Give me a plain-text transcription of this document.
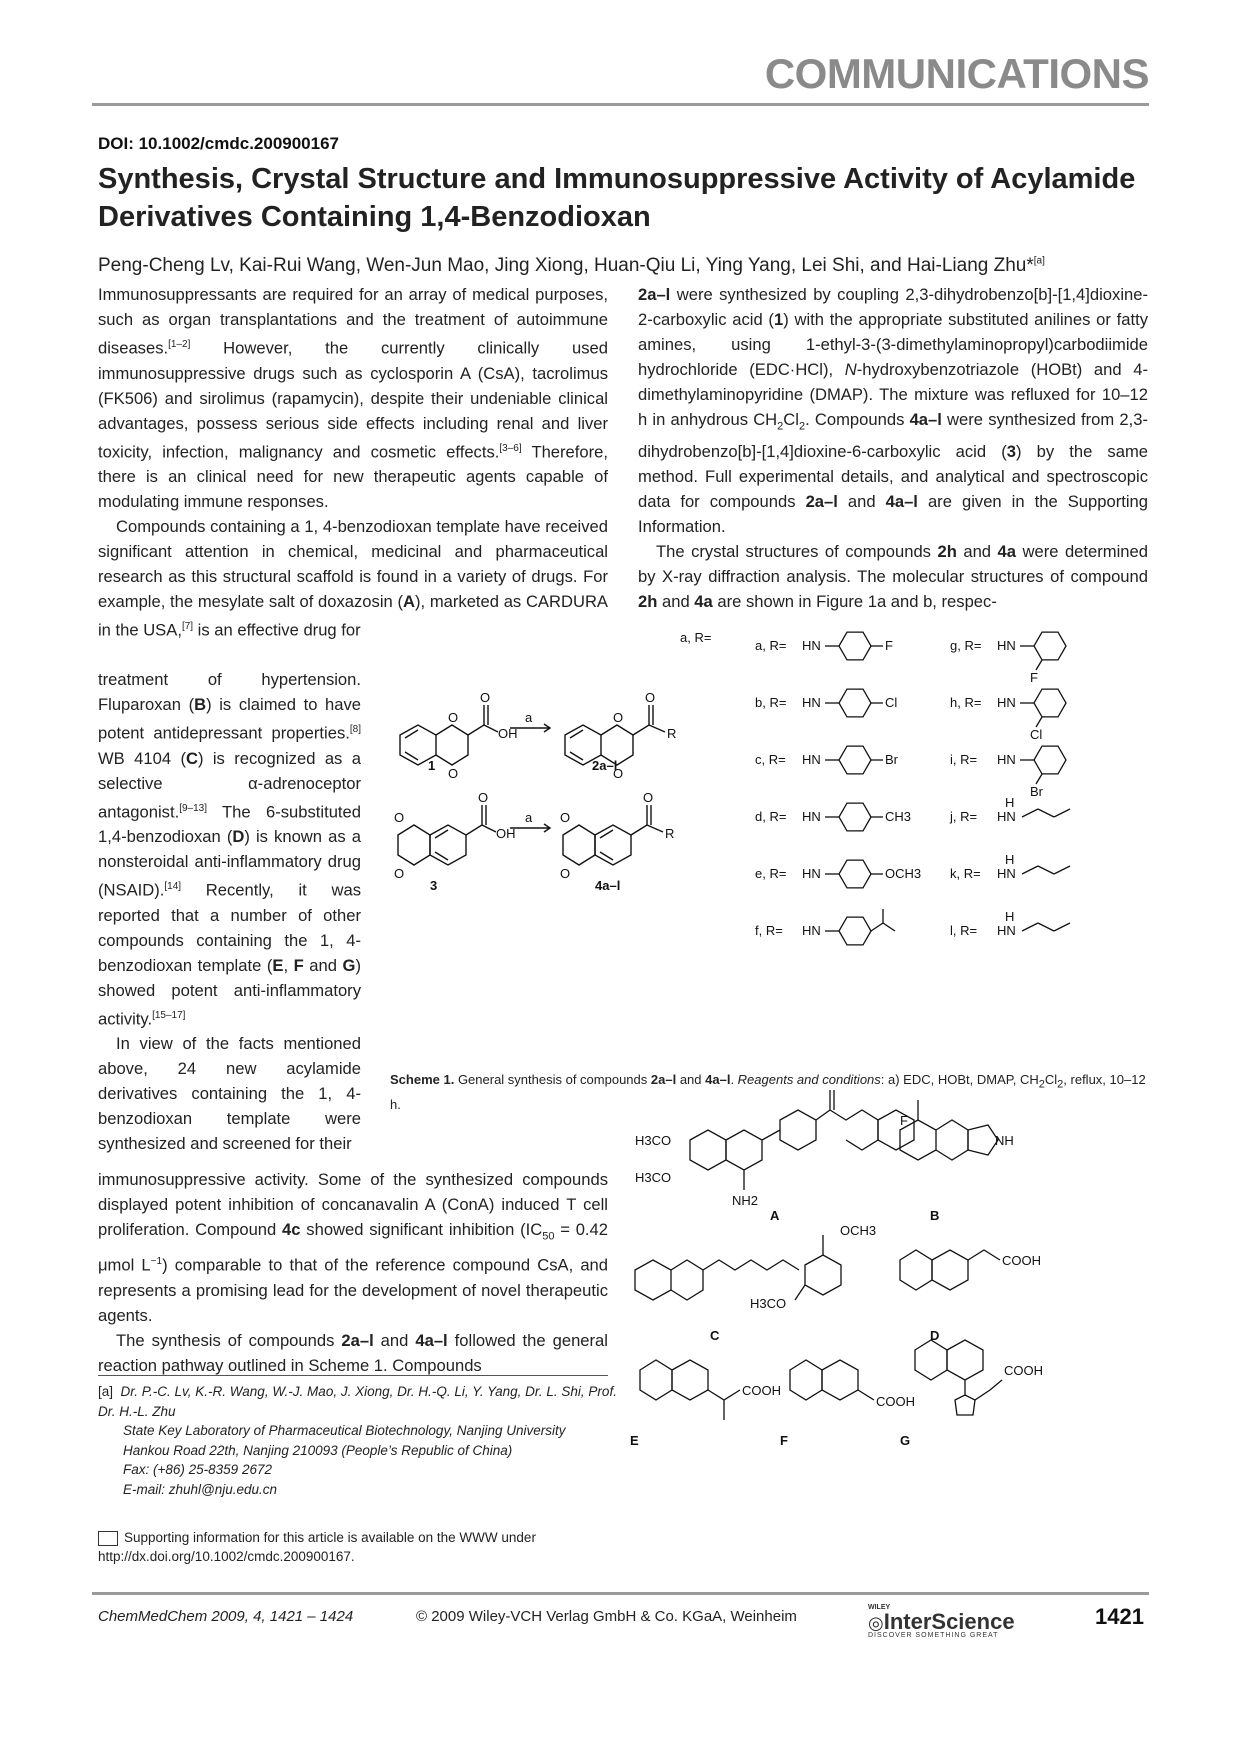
COMMUNICATIONS
DOI: 10.1002/cmdc.200900167
Synthesis, Crystal Structure and Immunosuppressive Activity of Acylamide Derivatives Containing 1,4-Benzodioxan
Peng-Cheng Lv, Kai-Rui Wang, Wen-Jun Mao, Jing Xiong, Huan-Qiu Li, Ying Yang, Lei Shi, and Hai-Liang Zhu*[a]

Immunosuppressants are required for an array of medical purposes, such as organ transplantations and the treatment of autoimmune diseases.[1–2] However, the currently clinically used immunosuppressive drugs such as cyclosporin A (CsA), tacrolimus (FK506) and sirolimus (rapamycin), despite their undeniable clinical advantages, possess serious side effects including renal and liver toxicity, infection, malignancy and cosmetic effects.[3–6] Therefore, there is an clinical need for new therapeutic agents capable of modulating immune responses.

Compounds containing a 1, 4-benzodioxan template have received significant attention in chemical, medicinal and pharmaceutical research as this structural scaffold is found in a variety of drugs. For example, the mesylate salt of doxazosin (A), marketed as CARDURA in the USA,[7] is an effective drug for

treatment of hypertension. Fluparoxan (B) is claimed to have potent antidepressant properties.[8] WB 4104 (C) is recognized as a selective α-adrenoceptor antagonist.[9–13] The 6-substituted 1,4-benzodioxan (D) is known as a nonsteroidal anti-inflammatory drug (NSAID).[14] Recently, it was reported that a number of other compounds containing the 1, 4-benzodioxan template (E, F and G) showed potent anti-inflammatory activity.[15–17]

In view of the facts mentioned above, 24 new acylamide derivatives containing the 1, 4-benzodioxan template were synthesized and screened for their

immunosuppressive activity. Some of the synthesized compounds displayed potent inhibition of concanavalin A (ConA) induced T cell proliferation. Compound 4c showed significant inhibition ($IC_{50} = 0.42$ μmol $L^{-1}$) comparable to that of the reference compound CsA, and represents a promising lead for the development of novel therapeutic agents.

The synthesis of compounds 2a–l and 4a–l followed the general reaction pathway outlined in Scheme 1. Compounds

2a–l were synthesized by coupling 2,3-dihydrobenzo[b]-[1,4]dioxine-2-carboxylic acid (1) with the appropriate substituted anilines or fatty amines, using 1-ethyl-3-(3-dimethylaminopropyl)carbodiimide hydrochloride (EDC·HCl), N-hydroxybenzotriazole (HOBt) and 4-dimethylaminopyridine (DMAP). The mixture was refluxed for 10–12 h in anhydrous $CH_2Cl_2$. Compounds 4a–l were synthesized from 2,3-dihydrobenzo[b]-[1,4]dioxine-6-carboxylic acid (3) by the same method. Full experimental details, and analytical and spectroscopic data for compounds 2a–l and 4a–l are given in the Supporting Information.

The crystal structures of compounds 2h and 4a were determined by X-ray diffraction analysis. The molecular structures of compound 2h and 4a are shown in Figure 1a and b, respec-

O
O
O
OH
a	O
O
O
R
1	2a–l
O
O
O
OH
a O
O
O
R
3	4a–l
a, R=
a, R= HN	F
b, R= HN	Cl
c, R= HN	Br
d, R= HN	CH3
e, R= HN	OCH3
f, R= HN
g, R= HN
F
h, R= HN
Cl
i, R= HN
Br
j, R= HN
H
k, R= HN
H
l, R= HN
H
Scheme 1. General synthesis of compounds 2a–l and 4a–l. Reagents and conditions: a) EDC, HOBt, DMAP, $CH_2Cl_2$, reflux, 10–12 h.
H3CO
H3CO
NH2
A
F
NH
B
OCH3
H3CO
C
COOH
D
COOH
E
COOH
F
COOH
G
[a] Dr. P.-C. Lv, K.-R. Wang, W.-J. Mao, J. Xiong, Dr. H.-Q. Li, Y. Yang, Dr. L. Shi, Prof. Dr. H.-L. Zhu
State Key Laboratory of Pharmaceutical Biotechnology, Nanjing University
Hankou Road 22th, Nanjing 210093 (People’s Republic of China)
Fax: (+86) 25-8359 2672
E-mail: zhuhl@nju.edu.cn
Supporting information for this article is available on the WWW under http://dx.doi.org/10.1002/cmdc.200900167.
ChemMedChem 2009, 4, 1421 – 1424	© 2009 Wiley-VCH Verlag GmbH & Co. KGaA, Weinheim
WILEY
◎InterScience
DISCOVER SOMETHING GREAT
1421
